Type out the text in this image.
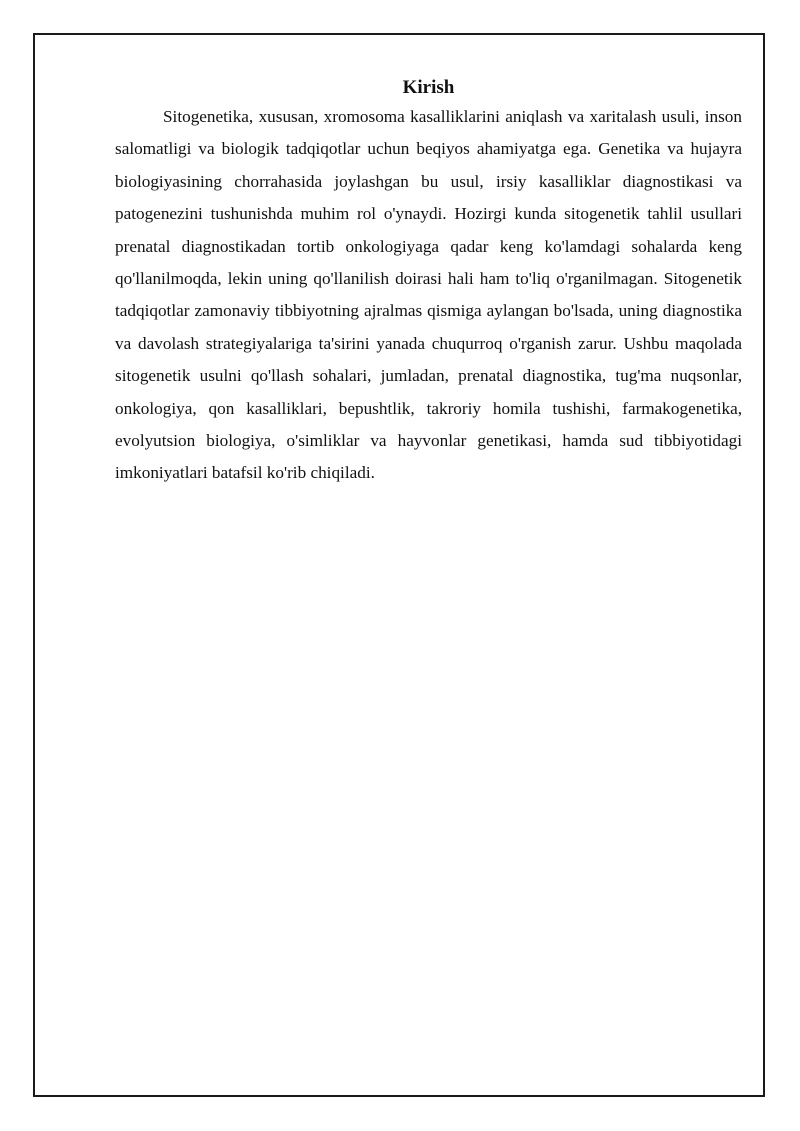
Kirish

Sitogenetika, xususan, xromosoma kasalliklarini aniqlash va xaritalash usuli, inson salomatligi va biologik tadqiqotlar uchun beqiyos ahamiyatga ega. Genetika va hujayra biologiyasining chorrahasida joylashgan bu usul, irsiy kasalliklar diagnostikasi va patogenezini tushunishda muhim rol o'ynaydi. Hozirgi kunda sitogenetik tahlil usullari prenatal diagnostikadan tortib onkologiyaga qadar keng ko'lamdagi sohalarda keng qo'llanilmoqda, lekin uning qo'llanilish doirasi hali ham to'liq o'rganilmagan. Sitogenetik tadqiqotlar zamonaviy tibbiyotning ajralmas qismiga aylangan bo'lsada, uning diagnostika va davolash strategiyalariga ta'sirini yanada chuqurroq o'rganish zarur. Ushbu maqolada sitogenetik usulni qo'llash sohalari, jumladan, prenatal diagnostika, tug'ma nuqsonlar, onkologiya, qon kasalliklari, bepushtlik, takroriy homila tushishi, farmakogenetika, evolyutsion biologiya, o'simliklar va hayvonlar genetikasi, hamda sud tibbiyotidagi imkoniyatlari batafsil ko'rib chiqiladi.
